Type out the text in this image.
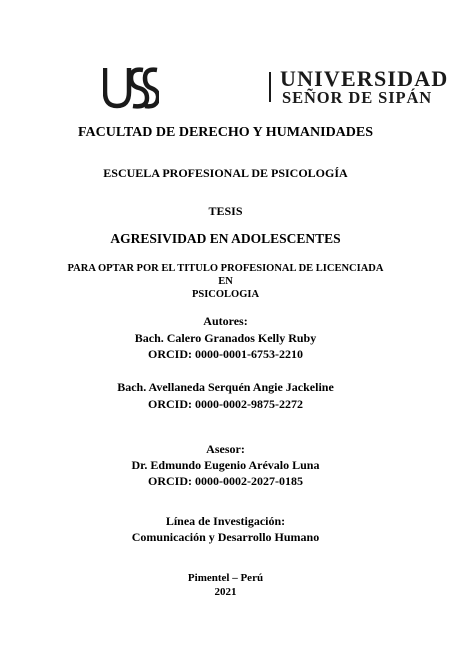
UNIVERSIDAD
SEÑOR DE SIPÁN
FACULTAD DE DERECHO Y HUMANIDADES
ESCUELA PROFESIONAL DE PSICOLOGÍA
TESIS
AGRESIVIDAD EN ADOLESCENTES
PARA OPTAR POR EL TITULO PROFESIONAL DE LICENCIADA
EN
PSICOLOGIA
Autores:
Bach. Calero Granados Kelly Ruby
ORCID: 0000-0001-6753-2210
Bach. Avellaneda Serquén Angie Jackeline
ORCID: 0000-0002-9875-2272
Asesor:
Dr. Edmundo Eugenio Arévalo Luna
ORCID: 0000-0002-2027-0185
Línea de Investigación:
Comunicación y Desarrollo Humano
Pimentel – Perú
2021
